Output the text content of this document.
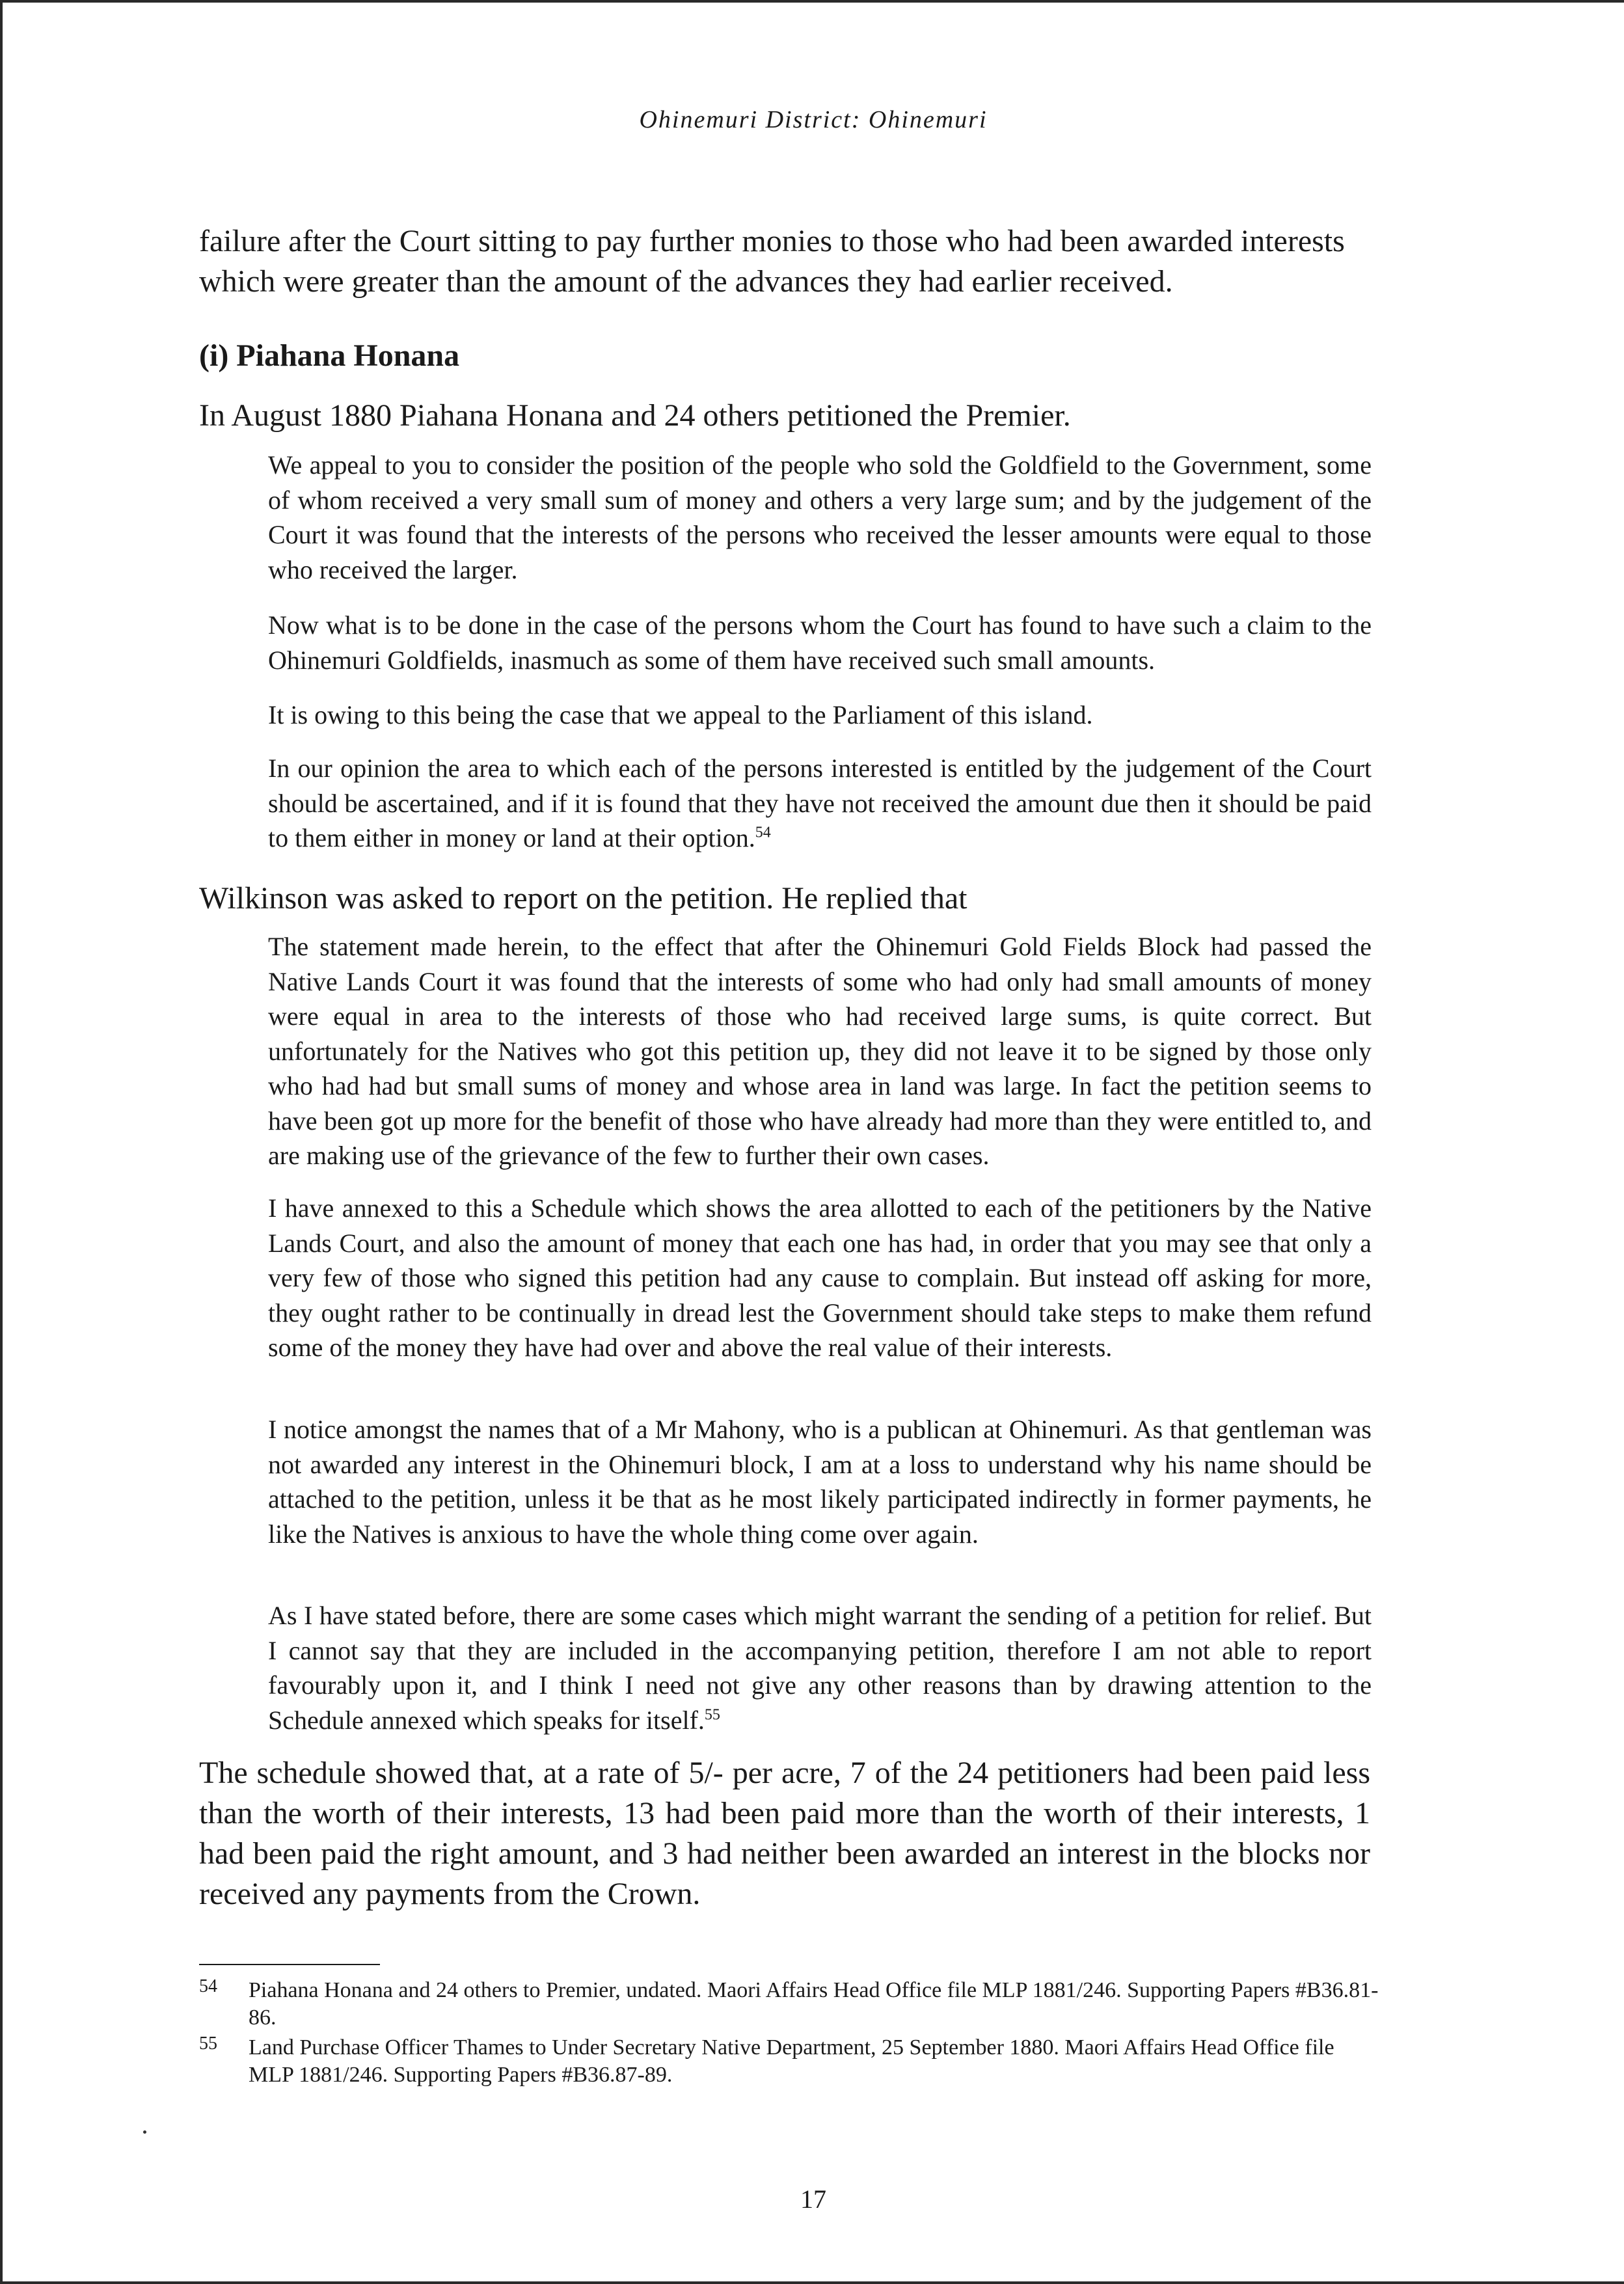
Ohinemuri District: Ohinemuri

failure after the Court sitting to pay further monies to those who had been awarded interests which were greater than the amount of the advances they had earlier received.

(i) Piahana Honana

In August 1880 Piahana Honana and 24 others petitioned the Premier.

We appeal to you to consider the position of the people who sold the Goldfield to the Government, some of whom received a very small sum of money and others a very large sum; and by the judgement of the Court it was found that the interests of the persons who received the lesser amounts were equal to those who received the larger.

Now what is to be done in the case of the persons whom the Court has found to have such a claim to the Ohinemuri Goldfields, inasmuch as some of them have received such small amounts.

It is owing to this being the case that we appeal to the Parliament of this island.

In our opinion the area to which each of the persons interested is entitled by the judgement of the Court should be ascertained, and if it is found that they have not received the amount due then it should be paid to them either in money or land at their option.$^{54}$

Wilkinson was asked to report on the petition. He replied that

The statement made herein, to the effect that after the Ohinemuri Gold Fields Block had passed the Native Lands Court it was found that the interests of some who had only had small amounts of money were equal in area to the interests of those who had received large sums, is quite correct. But unfortunately for the Natives who got this petition up, they did not leave it to be signed by those only who had had but small sums of money and whose area in land was large. In fact the petition seems to have been got up more for the benefit of those who have already had more than they were entitled to, and are making use of the grievance of the few to further their own cases.

I have annexed to this a Schedule which shows the area allotted to each of the petitioners by the Native Lands Court, and also the amount of money that each one has had, in order that you may see that only a very few of those who signed this petition had any cause to complain. But instead off asking for more, they ought rather to be continually in dread lest the Government should take steps to make them refund some of the money they have had over and above the real value of their interests.

I notice amongst the names that of a Mr Mahony, who is a publican at Ohinemuri. As that gentleman was not awarded any interest in the Ohinemuri block, I am at a loss to understand why his name should be attached to the petition, unless it be that as he most likely participated indirectly in former payments, he like the Natives is anxious to have the whole thing come over again.

As I have stated before, there are some cases which might warrant the sending of a petition for relief. But I cannot say that they are included in the accompanying petition, therefore I am not able to report favourably upon it, and I think I need not give any other reasons than by drawing attention to the Schedule annexed which speaks for itself.$^{55}$

The schedule showed that, at a rate of 5/- per acre, 7 of the 24 petitioners had been paid less than the worth of their interests, 13 had been paid more than the worth of their interests, 1 had been paid the right amount, and 3 had neither been awarded an interest in the blocks nor received any payments from the Crown.

54 Piahana Honana and 24 others to Premier, undated. Maori Affairs Head Office file MLP 1881/246. Supporting Papers #B36.81-86.

55 Land Purchase Officer Thames to Under Secretary Native Department, 25 September 1880. Maori Affairs Head Office file MLP 1881/246. Supporting Papers #B36.87-89.

17
